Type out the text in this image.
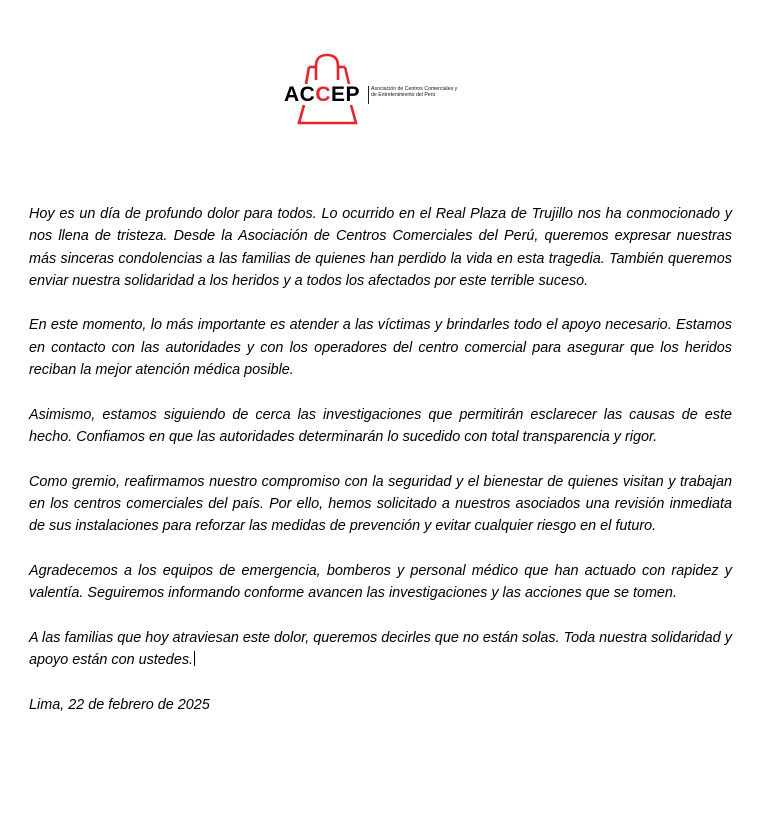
ACCEP Asociación de Centros Comerciales y de Entretenimiento del Perú

Hoy es un día de profundo dolor para todos. Lo ocurrido en el Real Plaza de Trujillo nos ha conmocionado y nos llena de tristeza. Desde la Asociación de Centros Comerciales del Perú, queremos expresar nuestras más sinceras condolencias a las familias de quienes han perdido la vida en esta tragedia. También queremos enviar nuestra solidaridad a los heridos y a todos los afectados por este terrible suceso.

En este momento, lo más importante es atender a las víctimas y brindarles todo el apoyo necesario. Estamos en contacto con las autoridades y con los operadores del centro comercial para asegurar que los heridos reciban la mejor atención médica posible.

Asimismo, estamos siguiendo de cerca las investigaciones que permitirán esclarecer las causas de este hecho. Confiamos en que las autoridades determinarán lo sucedido con total transparencia y rigor.

Como gremio, reafirmamos nuestro compromiso con la seguridad y el bienestar de quienes visitan y trabajan en los centros comerciales del país. Por ello, hemos solicitado a nuestros asociados una revisión inmediata de sus instalaciones para reforzar las medidas de prevención y evitar cualquier riesgo en el futuro.

Agradecemos a los equipos de emergencia, bomberos y personal médico que han actuado con rapidez y valentía. Seguiremos informando conforme avancen las investigaciones y las acciones que se tomen.

A las familias que hoy atraviesan este dolor, queremos decirles que no están solas. Toda nuestra solidaridad y apoyo están con ustedes.

Lima, 22 de febrero de 2025
